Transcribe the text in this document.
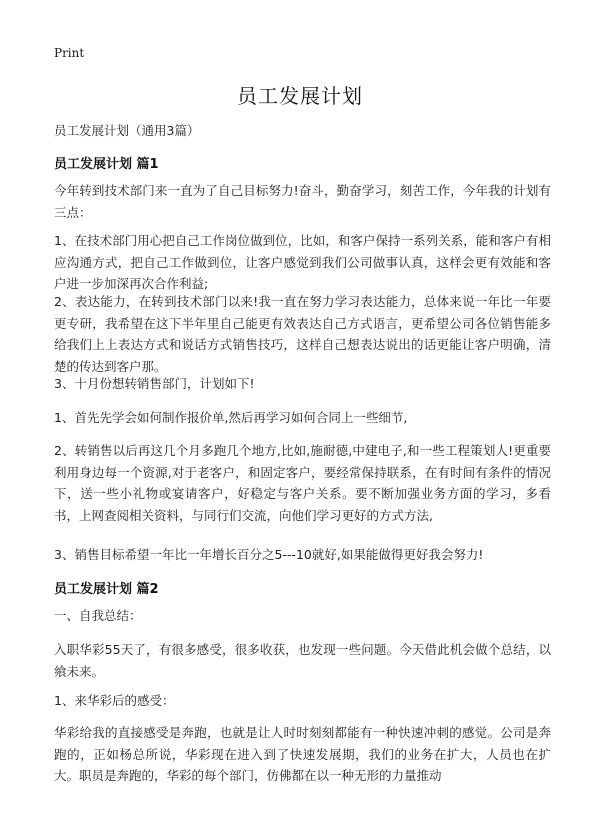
Print
员工发展计划
员工发展计划（通用3篇）
员工发展计划 篇1

今年转到技术部门来一直为了自己目标努力!奋斗，勤奋学习，刻苦工作，今年我的计划有三点：

1、在技术部门用心把自己工作岗位做到位，比如，和客户保持一系列关系，能和客户有相应沟通方式，把自己工作做到位，让客户感觉到我们公司做事认真，这样会更有效能和客户进一步加深再次合作利益;

2、表达能力，在转到技术部门以来!我一直在努力学习表达能力，总体来说一年比一年要更专研，我希望在这下半年里自己能更有效表达自己方式语言，更希望公司各位销售能多给我们上上表达方式和说话方式销售技巧，这样自己想表达说出的话更能让客户明确，清楚的传达到客户那。

3、十月份想转销售部门，计划如下!

1、首先先学会如何制作报价单,然后再学习如何合同上一些细节,

2、转销售以后再这几个月多跑几个地方,比如,施耐德,中建电子,和一些工程策划人!更重要利用身边每一个资源,对于老客户，和固定客户，要经常保持联系，在有时间有条件的情况下，送一些小礼物或宴请客户，好稳定与客户关系。要不断加强业务方面的学习，多看书，上网查阅相关资料，与同行们交流，向他们学习更好的方式方法,

3、销售目标希望一年比一年增长百分之5---10就好,如果能做得更好我会努力!

员工发展计划 篇2

一、自我总结：

入职华彩55天了，有很多感受，很多收获，也发现一些问题。今天借此机会做个总结，以飨未来。

1、来华彩后的感受：

华彩给我的直接感受是奔跑，也就是让人时时刻刻都能有一种快速冲刺的感觉。公司是奔跑的，正如杨总所说，华彩现在进入到了快速发展期，我们的业务在扩大，人员也在扩大。职员是奔跑的，华彩的每个部门，仿佛都在以一种无形的力量推动
